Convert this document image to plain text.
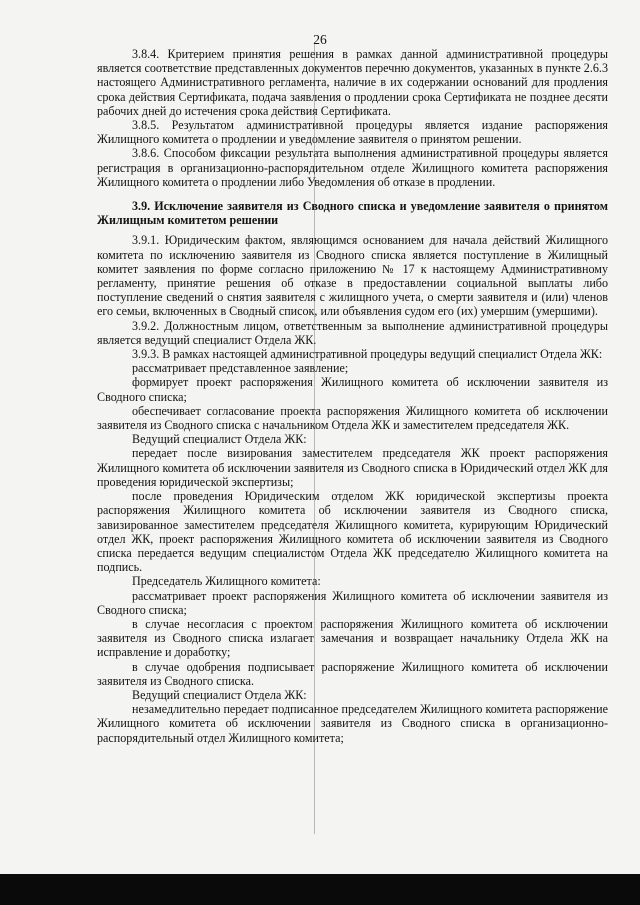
26

3.8.4. Критерием принятия решения в рамках данной административной процедуры является соответствие представленных документов перечню документов, указанных в пункте 2.6.3 настоящего Административного регламента, наличие в их содержании оснований для продления срока действия Сертификата, подача заявления о продлении срока Сертификата не позднее десяти рабочих дней до истечения срока действия Сертификата.

3.8.5. Результатом административной процедуры является издание распоряжения Жилищного комитета о продлении и уведомление заявителя о принятом решении.

3.8.6. Способом фиксации результата выполнения административной процедуры является регистрация в организационно-распорядительном отделе Жилищного комитета распоряжения Жилищного комитета о продлении либо Уведомления об отказе в продлении.

3.9. Исключение заявителя из Сводного списка и уведомление заявителя о принятом Жилищным комитетом решении

3.9.1. Юридическим фактом, являющимся основанием для начала действий Жилищного комитета по исключению заявителя из Сводного списка является поступление в Жилищный комитет заявления по форме согласно приложению № 17 к настоящему Административному регламенту, принятие решения об отказе в предоставлении социальной выплаты либо поступление сведений о снятия заявителя с жилищного учета, о смерти заявителя и (или) членов его семьи, включенных в Сводный список, или объявления судом его (их) умершим (умершими).

3.9.2. Должностным лицом, ответственным за выполнение административной процедуры является ведущий специалист Отдела ЖК.

3.9.3. В рамках настоящей административной процедуры ведущий специалист Отдела ЖК:

рассматривает представленное заявление;

формирует проект распоряжения Жилищного комитета об исключении заявителя из Сводного списка;

обеспечивает согласование проекта распоряжения Жилищного комитета об исключении заявителя из Сводного списка с начальником Отдела ЖК и заместителем председателя ЖК.

Ведущий специалист Отдела ЖК:

передает после визирования заместителем председателя ЖК проект распоряжения Жилищного комитета об исключении заявителя из Сводного списка в Юридический отдел ЖК для проведения юридической экспертизы;

после проведения Юридическим отделом ЖК юридической экспертизы проекта распоряжения Жилищного комитета об исключении заявителя из Сводного списка, завизированное заместителем председателя Жилищного комитета, курирующим Юридический отдел ЖК, проект распоряжения Жилищного комитета об исключении заявителя из Сводного списка передается ведущим специалистом Отдела ЖК председателю Жилищного комитета на подпись.

Председатель Жилищного комитета:

рассматривает проект распоряжения Жилищного комитета об исключении заявителя из Сводного списка;

в случае несогласия с проектом распоряжения Жилищного комитета об исключении заявителя из Сводного списка излагает замечания и возвращает начальнику Отдела ЖК на исправление и доработку;

в случае одобрения подписывает распоряжение Жилищного комитета об исключении заявителя из Сводного списка.

Ведущий специалист Отдела ЖК:

незамедлительно передает подписанное председателем Жилищного комитета распоряжение Жилищного комитета об исключении заявителя из Сводного списка в организационно-распорядительный отдел Жилищного комитета;
